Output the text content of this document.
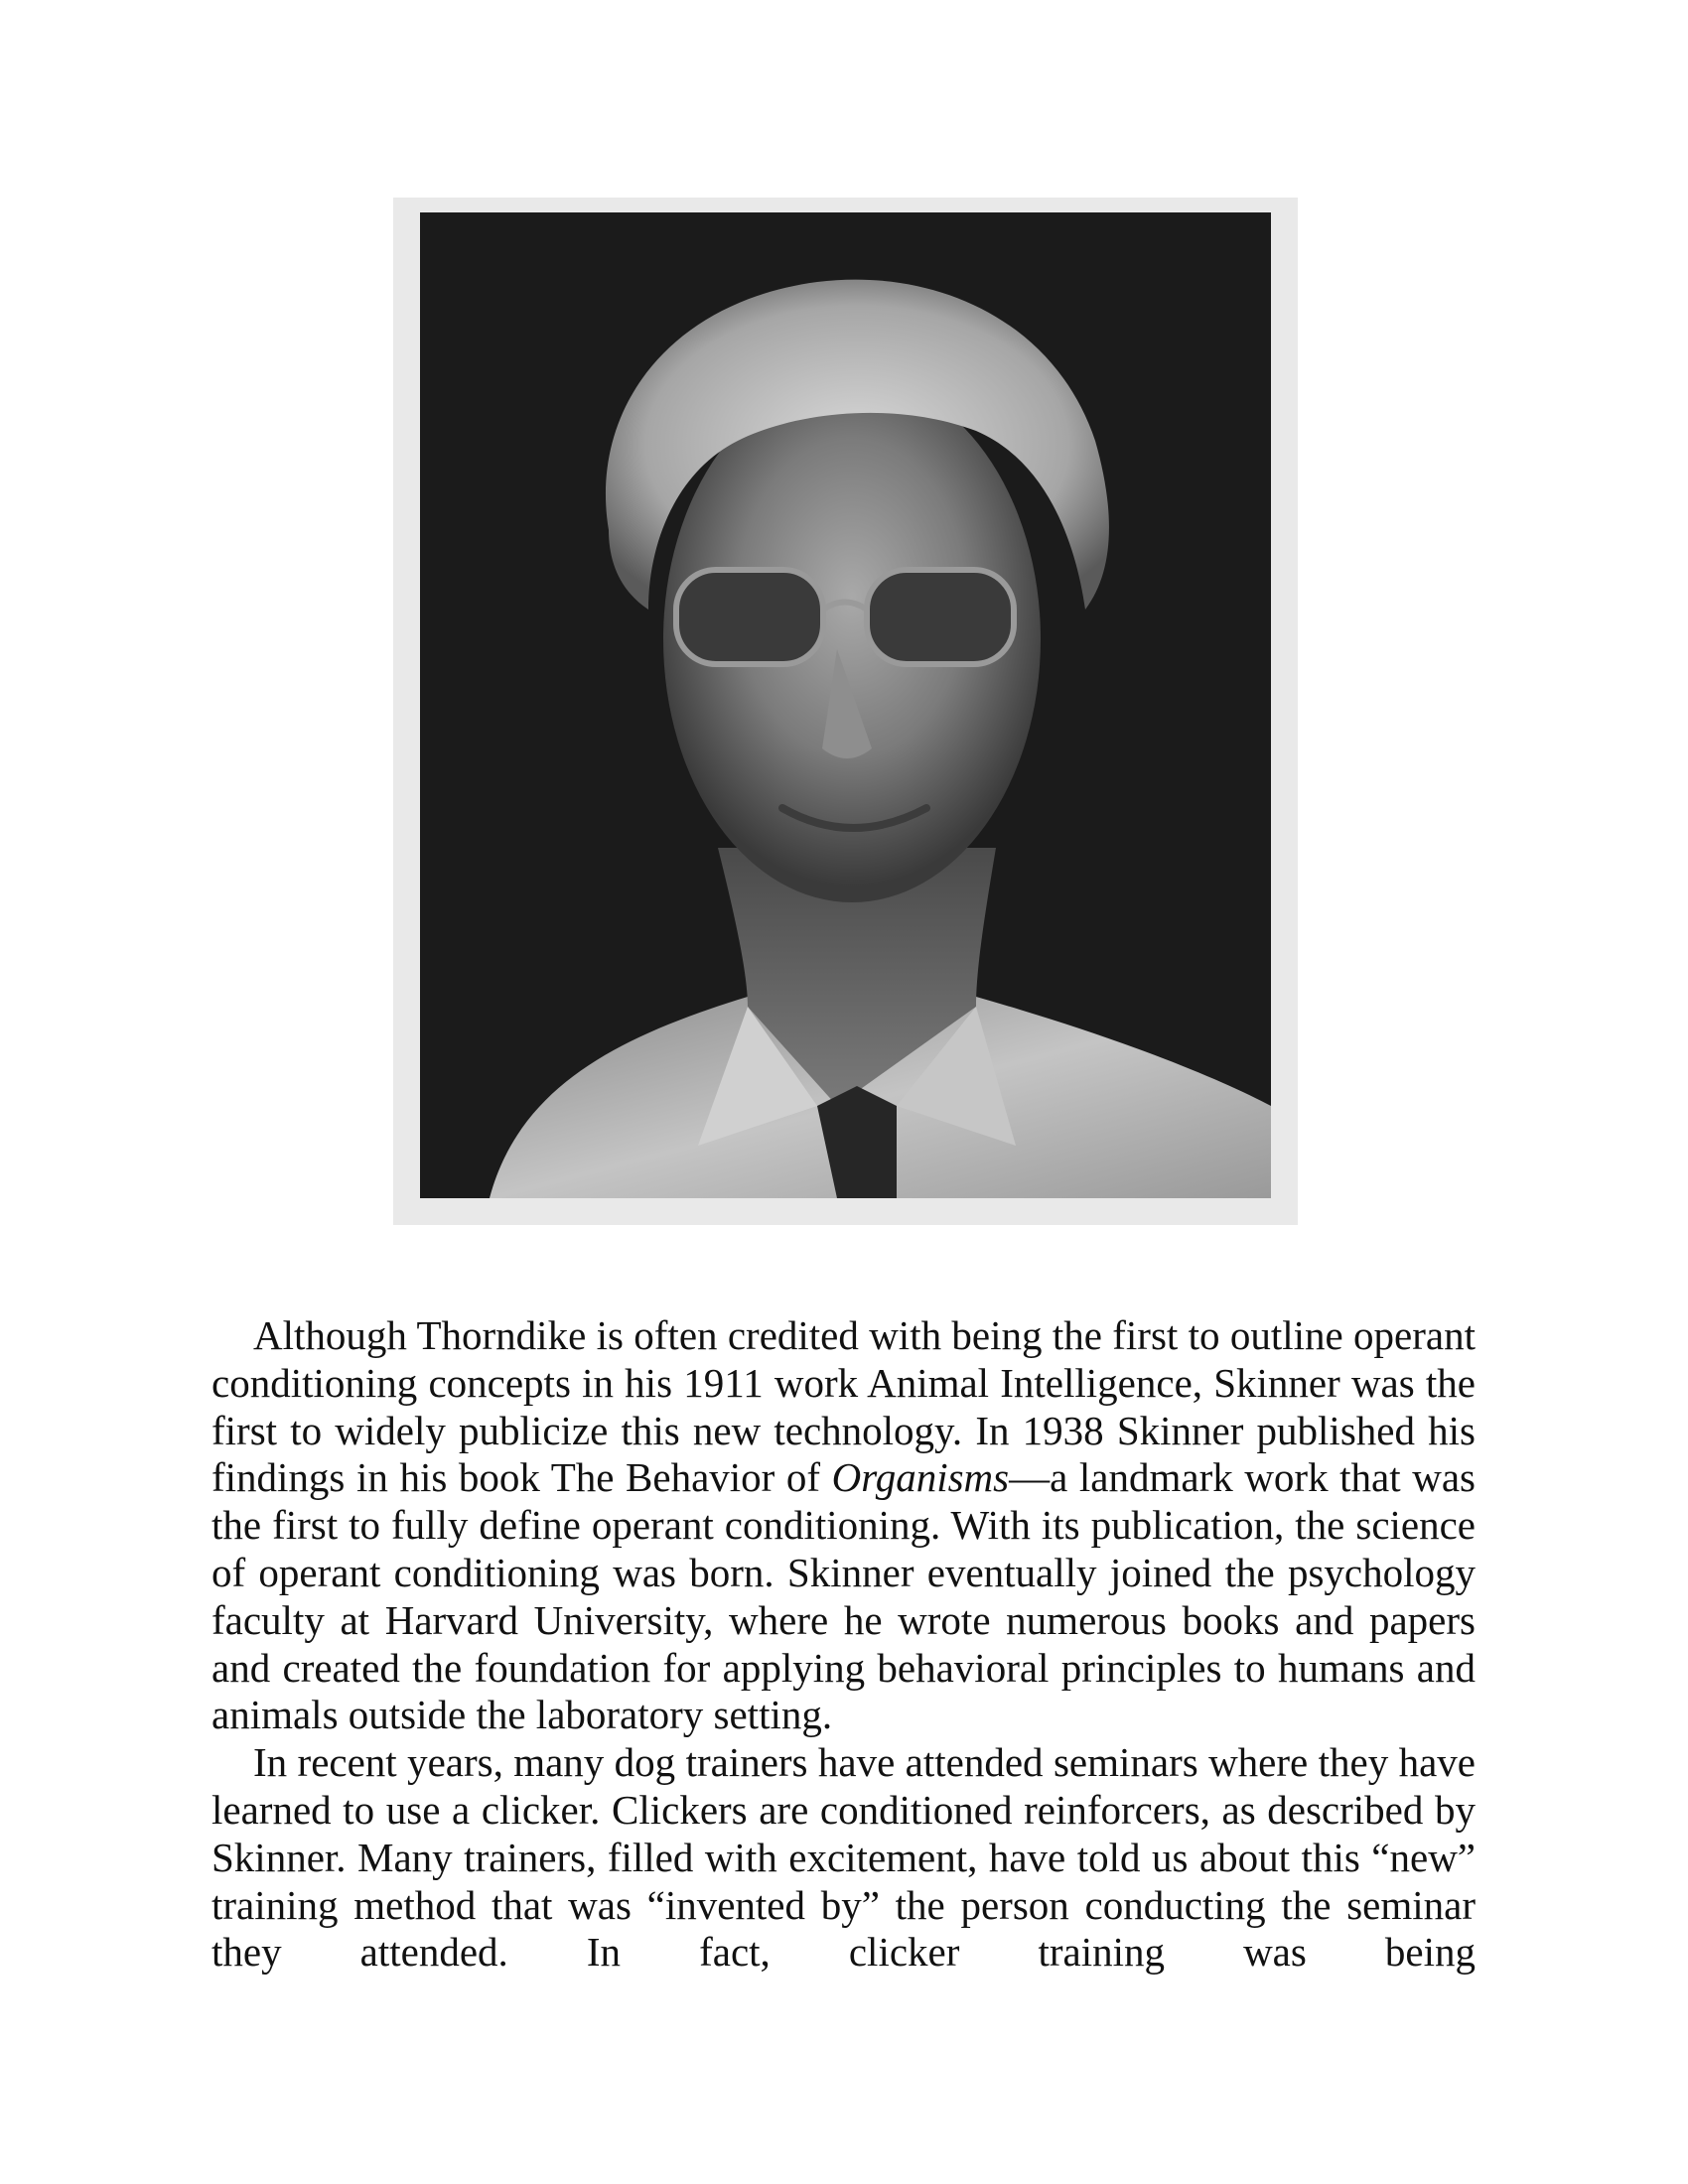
Although Thorndike is often credited with being the first to outline operant conditioning concepts in his 1911 work Animal Intelligence, Skinner was the first to widely publicize this new technology. In 1938 Skinner published his findings in his book The Behavior of Organisms—a landmark work that was the first to fully define operant conditioning. With its publication, the science of operant conditioning was born. Skinner eventually joined the psychology faculty at Harvard University, where he wrote numerous books and papers and created the foundation for applying behavioral principles to humans and animals outside the laboratory setting.

In recent years, many dog trainers have attended seminars where they have learned to use a clicker. Clickers are conditioned reinforcers, as described by Skinner. Many trainers, filled with excitement, have told us about this “new” training method that was “invented by” the person conducting the seminar they attended. In fact, clicker training was being
